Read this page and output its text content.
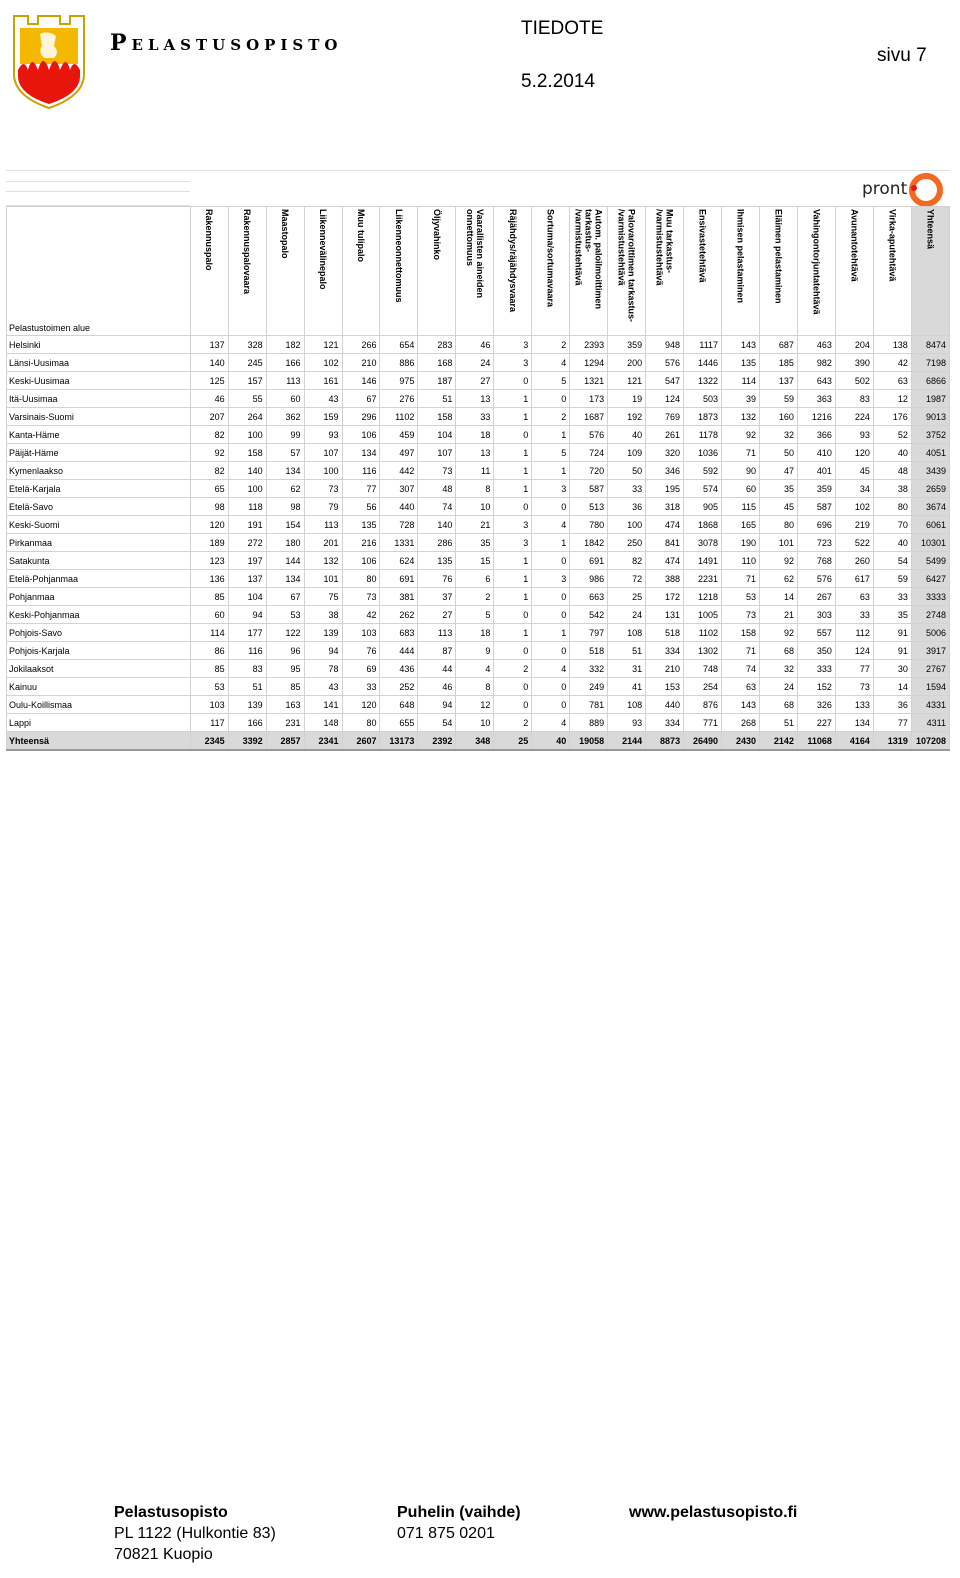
Pelastusopisto
TIEDOTE
5.2.2014
sivu 7
pront
Pelastustoimen alue	Rakennuspalo	Rakennuspalovaara	Maastopalo	Liikennevälinepalo	Muu tulipalo	Liikenneonnettomuus	Öljyvahinko	Vaarallisten aineiden
onnettomuus	Räjähdys/räjähdysvaara	Sortuma/sortumavaara	Autom. paloilmoittimen
tarkastus-
/varmistustehtävä	Palovaroittimen tarkastus-
/varmistustehtävä	Muu tarkastus-
/varmistustehtävä	Ensivastetehtävä	Ihmisen pelastaminen	Eläimen pelastaminen	Vahingontorjuntatehtävä	Avunantotehtävä	Virka-aputehtävä	Yhteensä

Helsinki	137	328	182	121	266	654	283	46	3	2	2393	359	948	1117	143	687	463	204	138	8474
Länsi-Uusimaa	140	245	166	102	210	886	168	24	3	4	1294	200	576	1446	135	185	982	390	42	7198
Keski-Uusimaa	125	157	113	161	146	975	187	27	0	5	1321	121	547	1322	114	137	643	502	63	6866
Itä-Uusimaa	46	55	60	43	67	276	51	13	1	0	173	19	124	503	39	59	363	83	12	1987
Varsinais-Suomi	207	264	362	159	296	1102	158	33	1	2	1687	192	769	1873	132	160	1216	224	176	9013
Kanta-Häme	82	100	99	93	106	459	104	18	0	1	576	40	261	1178	92	32	366	93	52	3752
Päijät-Häme	92	158	57	107	134	497	107	13	1	5	724	109	320	1036	71	50	410	120	40	4051
Kymenlaakso	82	140	134	100	116	442	73	11	1	1	720	50	346	592	90	47	401	45	48	3439
Etelä-Karjala	65	100	62	73	77	307	48	8	1	3	587	33	195	574	60	35	359	34	38	2659
Etelä-Savo	98	118	98	79	56	440	74	10	0	0	513	36	318	905	115	45	587	102	80	3674
Keski-Suomi	120	191	154	113	135	728	140	21	3	4	780	100	474	1868	165	80	696	219	70	6061
Pirkanmaa	189	272	180	201	216	1331	286	35	3	1	1842	250	841	3078	190	101	723	522	40	10301
Satakunta	123	197	144	132	106	624	135	15	1	0	691	82	474	1491	110	92	768	260	54	5499
Etelä-Pohjanmaa	136	137	134	101	80	691	76	6	1	3	986	72	388	2231	71	62	576	617	59	6427
Pohjanmaa	85	104	67	75	73	381	37	2	1	0	663	25	172	1218	53	14	267	63	33	3333
Keski-Pohjanmaa	60	94	53	38	42	262	27	5	0	0	542	24	131	1005	73	21	303	33	35	2748
Pohjois-Savo	114	177	122	139	103	683	113	18	1	1	797	108	518	1102	158	92	557	112	91	5006
Pohjois-Karjala	86	116	96	94	76	444	87	9	0	0	518	51	334	1302	71	68	350	124	91	3917
Jokilaaksot	85	83	95	78	69	436	44	4	2	4	332	31	210	748	74	32	333	77	30	2767
Kainuu	53	51	85	43	33	252	46	8	0	0	249	41	153	254	63	24	152	73	14	1594
Oulu-Koillismaa	103	139	163	141	120	648	94	12	0	0	781	108	440	876	143	68	326	133	36	4331
Lappi	117	166	231	148	80	655	54	10	2	4	889	93	334	771	268	51	227	134	77	4311
Yhteensä	2345	3392	2857	2341	2607	13173	2392	348	25	40	19058	2144	8873	26490	2430	2142	11068	4164	1319	107208
Pelastusopisto
PL 1122 (Hulkontie 83)
70821 Kuopio
Puhelin (vaihde)
071 875 0201
www.pelastusopisto.fi
